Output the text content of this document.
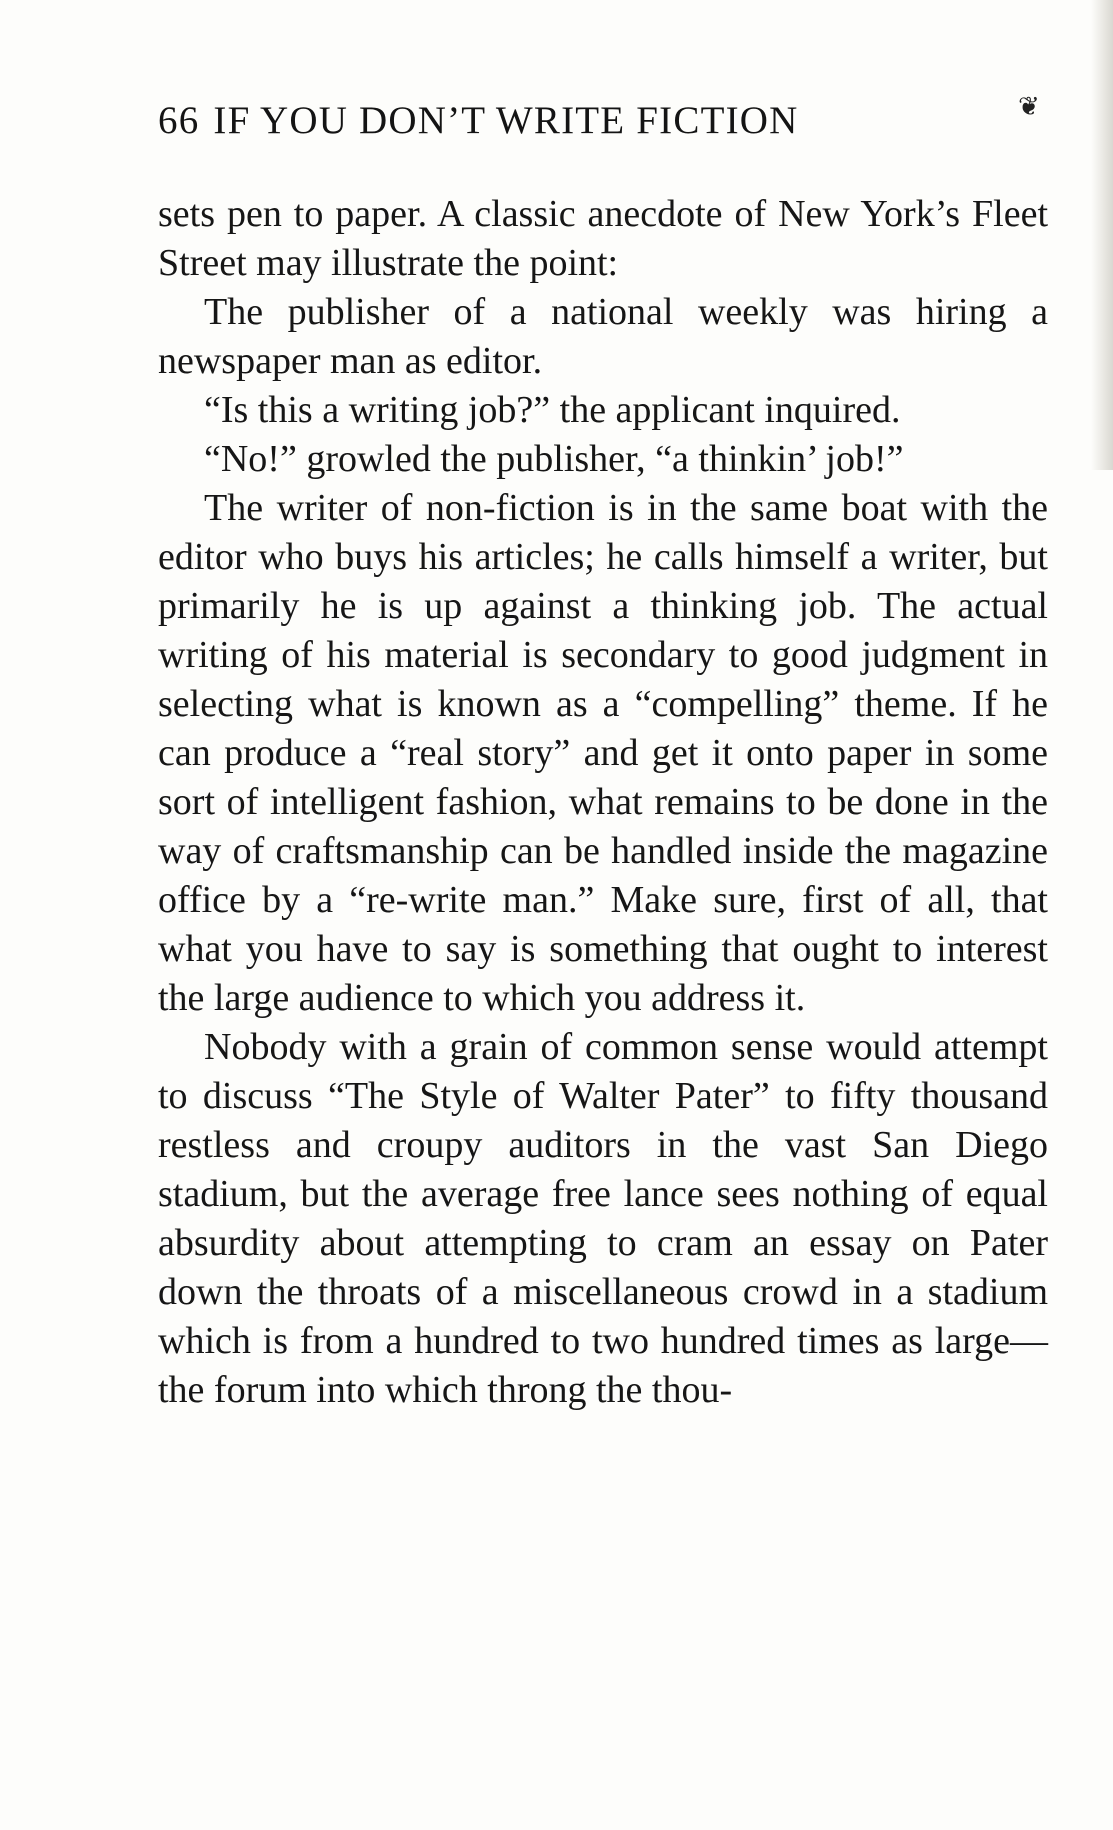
66 IF YOU DON’T WRITE FICTION	❦

sets pen to paper. A classic anecdote of New York’s Fleet Street may illustrate the point:

The publisher of a national weekly was hiring a newspaper man as editor.

“Is this a writing job?” the applicant inquired.

“No!” growled the publisher, “a thinkin’ job!”

The writer of non-fiction is in the same boat with the editor who buys his articles; he calls himself a writer, but primarily he is up against a thinking job. The actual writing of his material is secondary to good judgment in selecting what is known as a “compelling” theme. If he can produce a “real story” and get it onto paper in some sort of intelligent fashion, what remains to be done in the way of craftsmanship can be handled inside the magazine office by a “re-write man.” Make sure, first of all, that what you have to say is something that ought to interest the large audience to which you address it.

Nobody with a grain of common sense would attempt to discuss “The Style of Walter Pater” to fifty thousand restless and croupy auditors in the vast San Diego stadium, but the average free lance sees nothing of equal absurdity about attempting to cram an essay on Pater down the throats of a miscellaneous crowd in a stadium which is from a hundred to two hundred times as large—the forum into which throng the thou-
